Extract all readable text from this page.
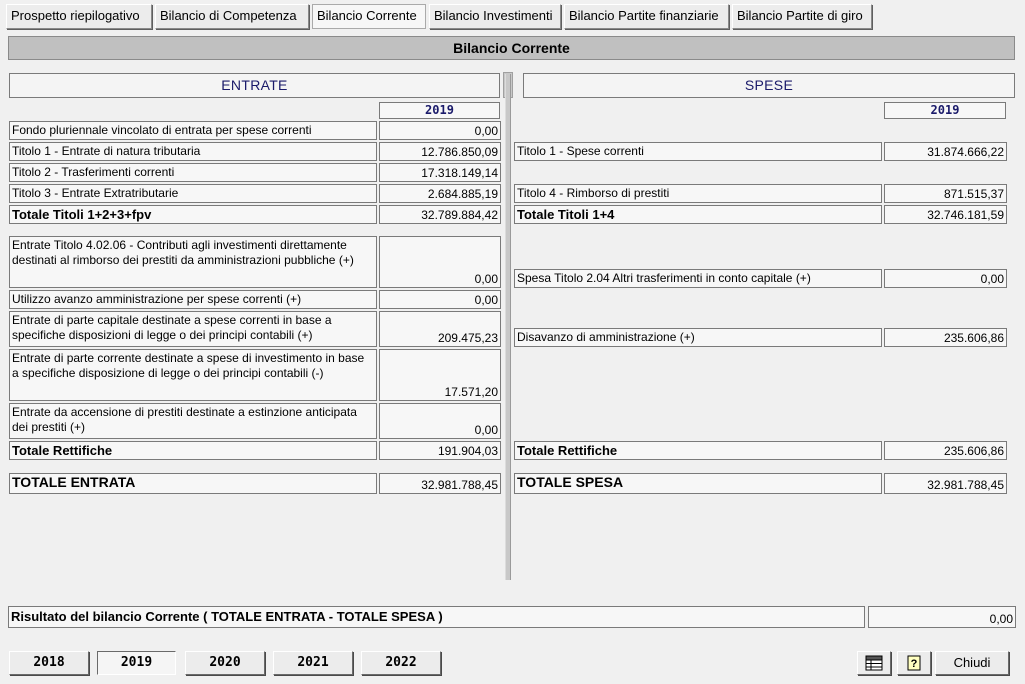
Prospetto riepilogativo	Bilancio di Competenza	Bilancio Corrente	Bilancio Investimenti	Bilancio Partite finanziarie	Bilancio Partite di giro
Bilancio Corrente
ENTRATE	SPESE
2019	2019
Fondo pluriennale vincolato di entrata per spese correnti	0,00
Titolo 1 - Entrate di natura tributaria	12.786.850,09
Titolo 2 - Trasferimenti correnti	17.318.149,14
Titolo 3 - Entrate Extratributarie	2.684.885,19
Totale Titoli 1+2+3+fpv	32.789.884,42
Entrate Titolo 4.02.06 - Contributi agli investimenti direttamente destinati al rimborso dei prestiti da amministrazioni pubbliche (+)
0,00
Utilizzo avanzo amministrazione per spese correnti (+)	0,00
Entrate di parte capitale destinate a spese correnti in base a specifiche disposizioni di legge o dei principi contabili (+)	209.475,23
Entrate di parte corrente destinate a spese di investimento in base a specifiche disposizione di legge o dei principi contabili (-)
17.571,20
Entrate da accensione di prestiti destinate a estinzione anticipata dei prestiti (+)	0,00
Totale Rettifiche	191.904,03
TOTALE ENTRATA	32.981.788,45
Titolo 1 - Spese correnti	31.874.666,22
Titolo 4 - Rimborso di prestiti	871.515,37
Totale Titoli 1+4	32.746.181,59
Spesa Titolo 2.04 Altri trasferimenti in conto capitale (+)	0,00
Disavanzo di amministrazione (+)	235.606,86
Totale Rettifiche	235.606,86
TOTALE SPESA	32.981.788,45
Risultato del bilancio Corrente ( TOTALE ENTRATA - TOTALE SPESA )	0,00
2018	2019	2020	2021	2022	?	Chiudi
